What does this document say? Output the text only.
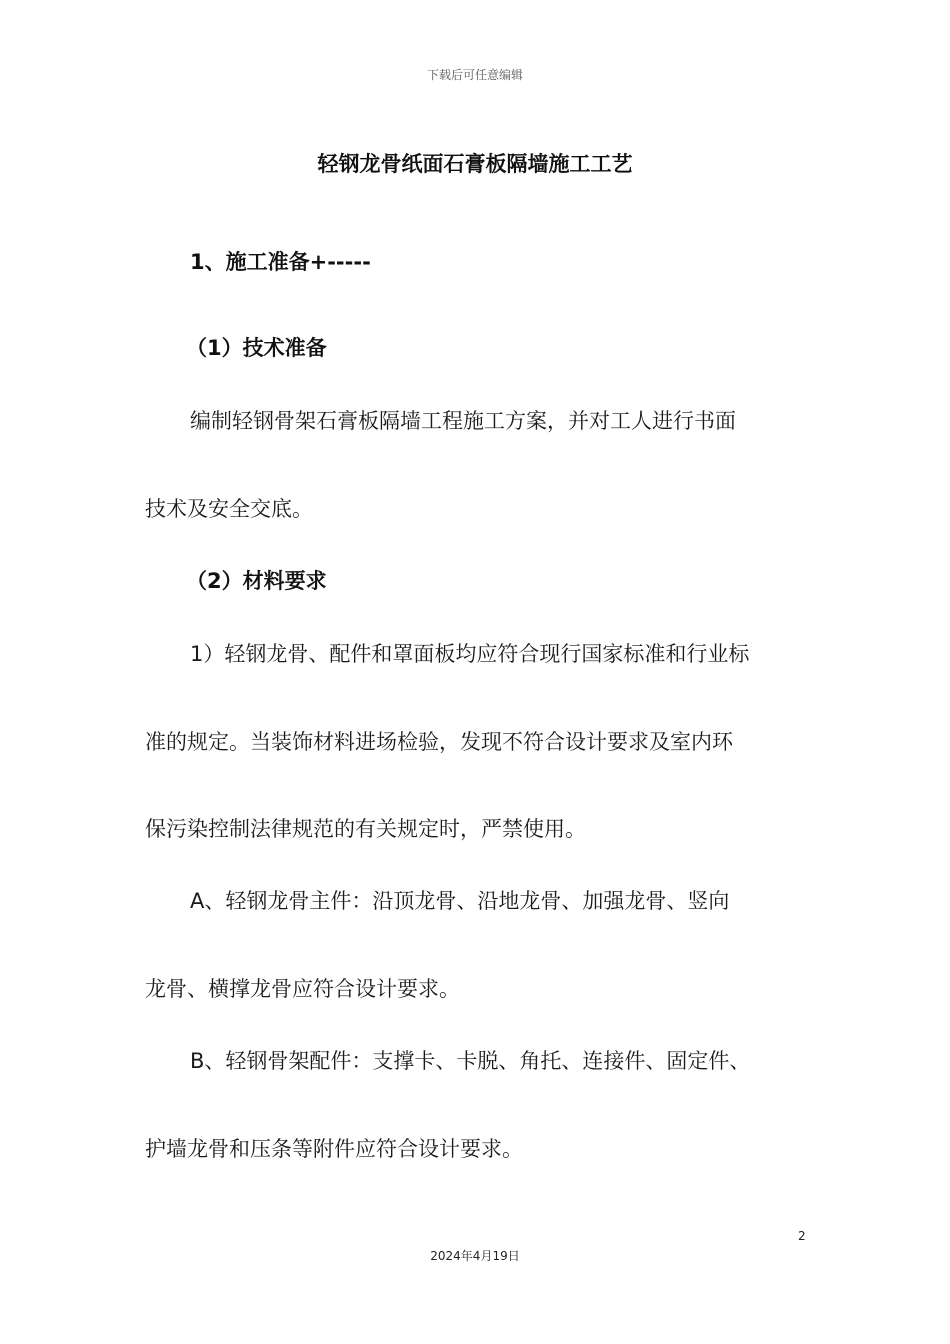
下载后可任意编辑

轻钢龙骨纸面石膏板隔墙施工工艺
1、施工准备+-----
（1）技术准备

编制轻钢骨架石膏板隔墙工程施工方案，并对工人进行书面

技术及安全交底。

（2）材料要求

1）轻钢龙骨、配件和罩面板均应符合现行国家标准和行业标

准的规定。当装饰材料进场检验，发现不符合设计要求及室内环

保污染控制法律规范的有关规定时，严禁使用。

A、轻钢龙骨主件：沿顶龙骨、沿地龙骨、加强龙骨、竖向

龙骨、横撑龙骨应符合设计要求。

B、轻钢骨架配件：支撑卡、卡脱、角托、连接件、固定件、

护墙龙骨和压条等附件应符合设计要求。

2

2024年4月19日
